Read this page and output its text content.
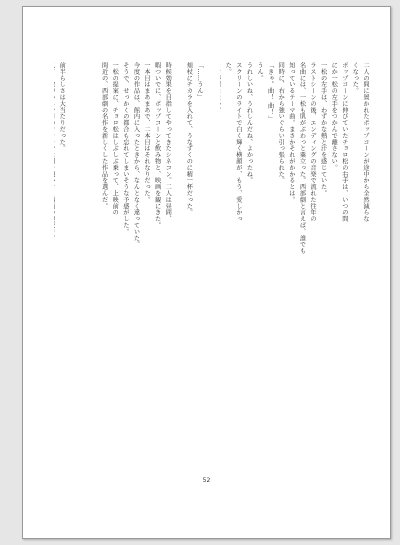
二人の間に置かれたポップコーンが途中から全然減らな
くなった。
ポップコーンに伸びていたチョロ松の右手は、いつの間
にか一松の左手をつかんで離さない。
一松の左手は、わずかな熱と汗を感じていた。
ラストシーンの後、エンディングの音楽で流れた往年の
名曲には、一松も肌がぶわっと粟立った。西部劇と言えば、誰でも
知っているテーマ曲。まさかそれがかかるとは。
同時に、右から強いぐらい引っ張られた。
「きゃ。曲！ 曲！」
うん。
うれしいね、うれしんだね、よかったね。
スクリーンのライトで白く輝く横顔が、もう、愛しかっ
た。

「……うん」
頬杖にチカラを入れて、うなずくのに精一杯だった。

時候効果を目指してやってきたシネコン。二人は昼間、
暇ついでに、ポップコーンと飲み物と、映画を観にきた。
一本目はまあまあで、二本目はそれなりだった。
今度の作品は、館内に入ったときから、なんとなく違っていた。
そうで、せっかくの都合も忘れてしまいそうな予感がした。
一松の提案に、チョロ松はしぶしぶ乗って、上映前の
間近の、西部劇の名作を新しくした作品を選んだ。

前半らしさは大当たりだった。

52
